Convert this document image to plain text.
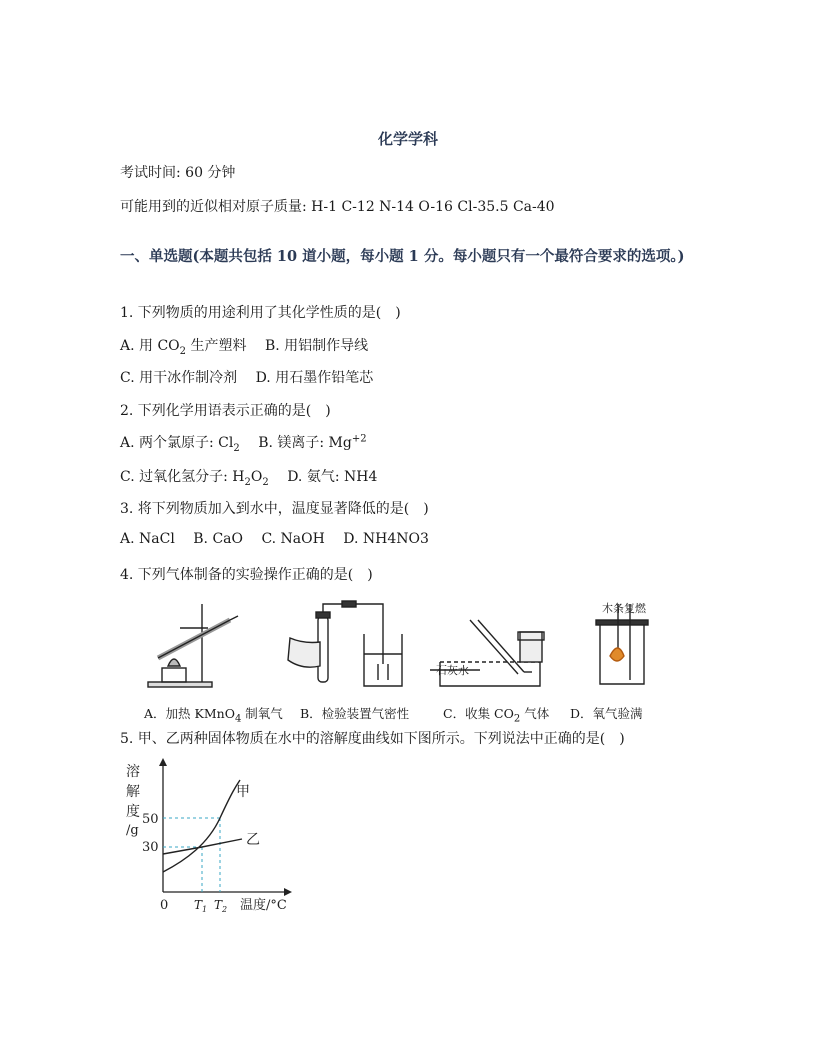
化学学科
考试时间: 60 分钟
可能用到的近似相对原子质量: H-1 C-12 N-14 O-16 Cl-35.5 Ca-40
一、单选题(本题共包括 10 道小题，每小题 1 分。每小题只有一个最符合要求的选项。)
1. 下列物质的用途利用了其化学性质的是(　)
A. 用 $CO_2$ 生产塑料 B. 用铝制作导线
C. 用干冰作制冷剂 D. 用石墨作铅笔芯
2. 下列化学用语表示正确的是(　)
A. 两个氯原子: $Cl_2$ B. 镁离子: $Mg^{+2}$
C. 过氧化氢分子: $H_2O_2$ D. 氨气: NH4
3. 将下列物质加入到水中，温度显著降低的是(　)
A. NaCl B. CaO C. NaOH D. NH4NO3
4. 下列气体制备的实验操作正确的是(　)
石灰水
木条复燃
A．加热 KMnO$_4$ 制氧气 B．检验装置气密性	C．收集 $CO_2$ 气体 D．氧气验满
5. 甲、乙两种固体物质在水中的溶解度曲线如下图所示。下列说法中正确的是(　)
溶
解
度
/g
甲
乙
50
30
0 $T_1$ $T_2$ 温度/°C
